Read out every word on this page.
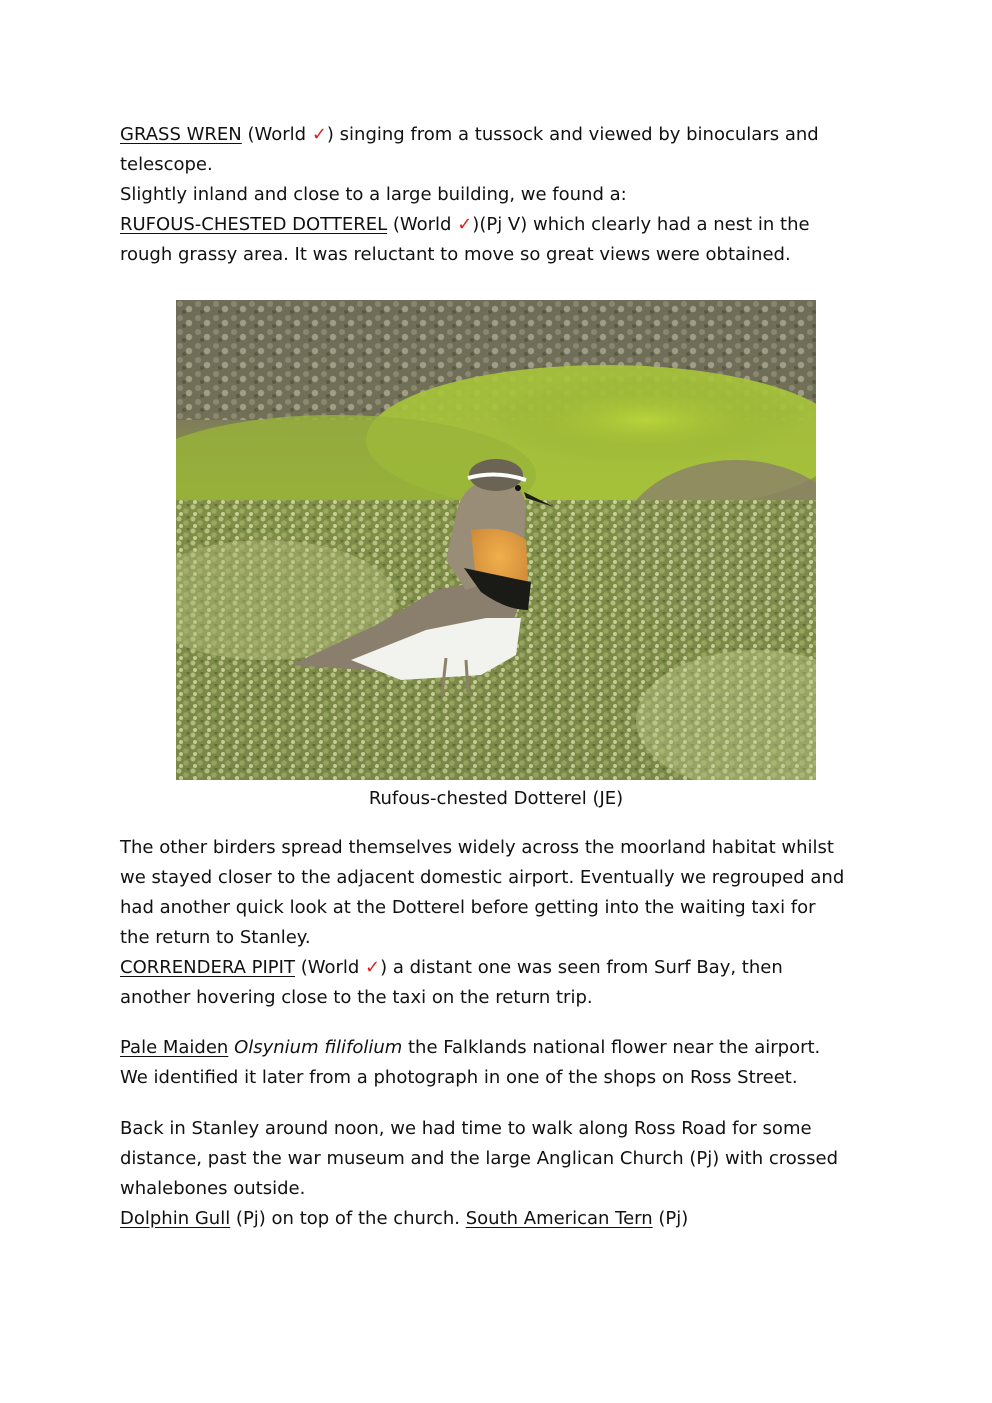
GRASS WREN (World ✓) singing from a tussock and viewed by binoculars and

telescope.

Slightly inland and close to a large building, we found a:

RUFOUS-CHESTED DOTTEREL (World ✓)(Pj V) which clearly had a nest in the

rough grassy area. It was reluctant to move so great views were obtained.

The other birders spread themselves widely across the moorland habitat whilst

we stayed closer to the adjacent domestic airport. Eventually we regrouped and

had another quick look at the Dotterel before getting into the waiting taxi for

the return to Stanley.

CORRENDERA PIPIT (World ✓) a distant one was seen from Surf Bay, then

another hovering close to the taxi on the return trip.

Pale Maiden Olsynium filifolium the Falklands national flower near the airport.

We identified it later from a photograph in one of the shops on Ross Street.

Back in Stanley around noon, we had time to walk along Ross Road for some

distance, past the war museum and the large Anglican Church (Pj) with crossed

whalebones outside.

Dolphin Gull (Pj) on top of the church. South American Tern (Pj)

Rufous-chested Dotterel (JE)
